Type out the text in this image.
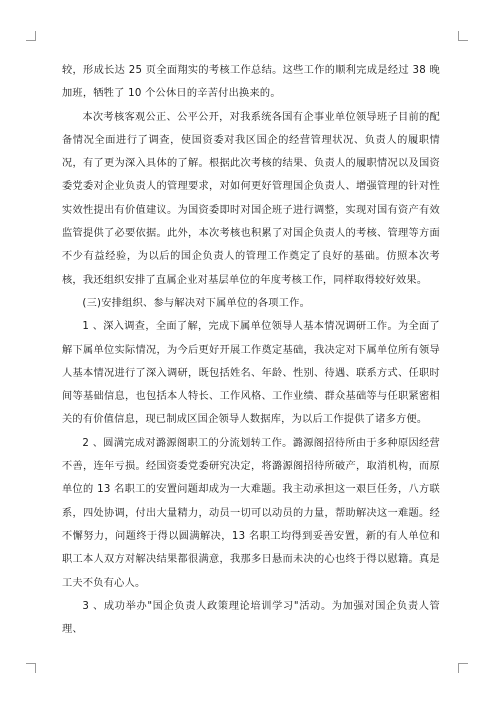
较，形成长达 25 页全面翔实的考核工作总结。这些工作的顺利完成是经过 38 晚加班，牺牲了 10 个公休日的辛苦付出换来的。

本次考核客观公正、公平公开，对我系统各国有企事业单位领导班子目前的配备情况全面进行了调查，使国资委对我区国企的经营管理状况、负责人的履职情况，有了更为深入具体的了解。根据此次考核的结果、负责人的履职情况以及国资委党委对企业负责人的管理要求，对如何更好管理国企负责人、增强管理的针对性实效性提出有价值建议。为国资委即时对国企班子进行调整，实现对国有资产有效监管提供了必要依据。此外，本次考核也积累了对国企负责人的考核、管理等方面不少有益经验，为以后的国企负责人的管理工作奠定了良好的基础。仿照本次考核，我还组织安排了直属企业对基层单位的年度考核工作，同样取得较好效果。

(三)安排组织、参与解决对下属单位的各项工作。

1 、深入调查，全面了解，完成下属单位领导人基本情况调研工作。为全面了解下属单位实际情况，为今后更好开展工作奠定基础，我决定对下属单位所有领导人基本情况进行了深入调研，既包括姓名、年龄、性别、待遇、联系方式、任职时间等基础信息，也包括本人特长、工作风格、工作业绩、群众基础等与任职紧密相关的有价值信息，现已制成区国企领导人数据库，为以后工作提供了诸多方便。

2 、圆满完成对潞源阁职工的分流划转工作。潞源阁招待所由于多种原因经营不善，连年亏损。经国资委党委研究决定，将潞源阁招待所破产，取消机构，而原单位的 13 名职工的安置问题却成为一大难题。我主动承担这一艰巨任务，八方联系，四处协调，付出大量精力，动员一切可以动员的力量，帮助解决这一难题。经不懈努力，问题终于得以圆满解决，13 名职工均得到妥善安置，新的有人单位和职工本人双方对解决结果都很满意，我那多日悬而未决的心也终于得以慰籍。真是工夫不负有心人。

3 、成功举办"国企负责人政策理论培训学习"活动。为加强对国企负责人管理、
